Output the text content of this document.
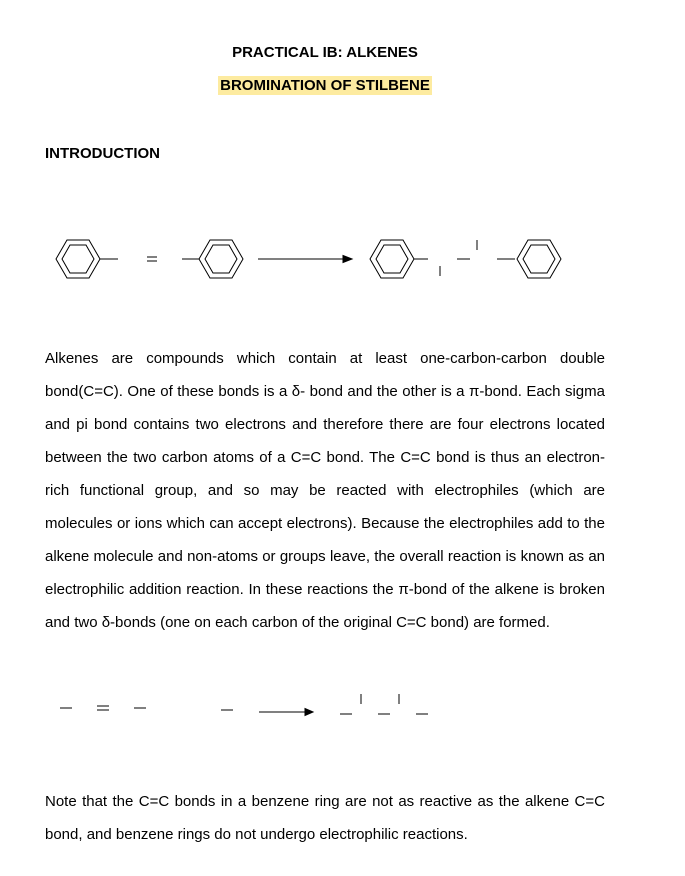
PRACTICAL IB: ALKENES
BROMINATION OF STILBENE
INTRODUCTION

Alkenes are compounds which contain at least one-carbon-carbon double bond(C=C). One of these bonds is a δ- bond and the other is a π-bond. Each sigma and pi bond contains two electrons and therefore there are four electrons located between the two carbon atoms of a C=C bond. The C=C bond is thus an electron-rich functional group, and so may be reacted with electrophiles (which are molecules or ions which can accept electrons). Because the electrophiles add to the alkene molecule and non-atoms or groups leave, the overall reaction is known as an electrophilic addition reaction. In these reactions the π-bond of the alkene is broken and two δ-bonds (one on each carbon of the original C=C bond) are formed.

Note that the C=C bonds in a benzene ring are not as reactive as the alkene C=C bond, and benzene rings do not undergo electrophilic reactions.
